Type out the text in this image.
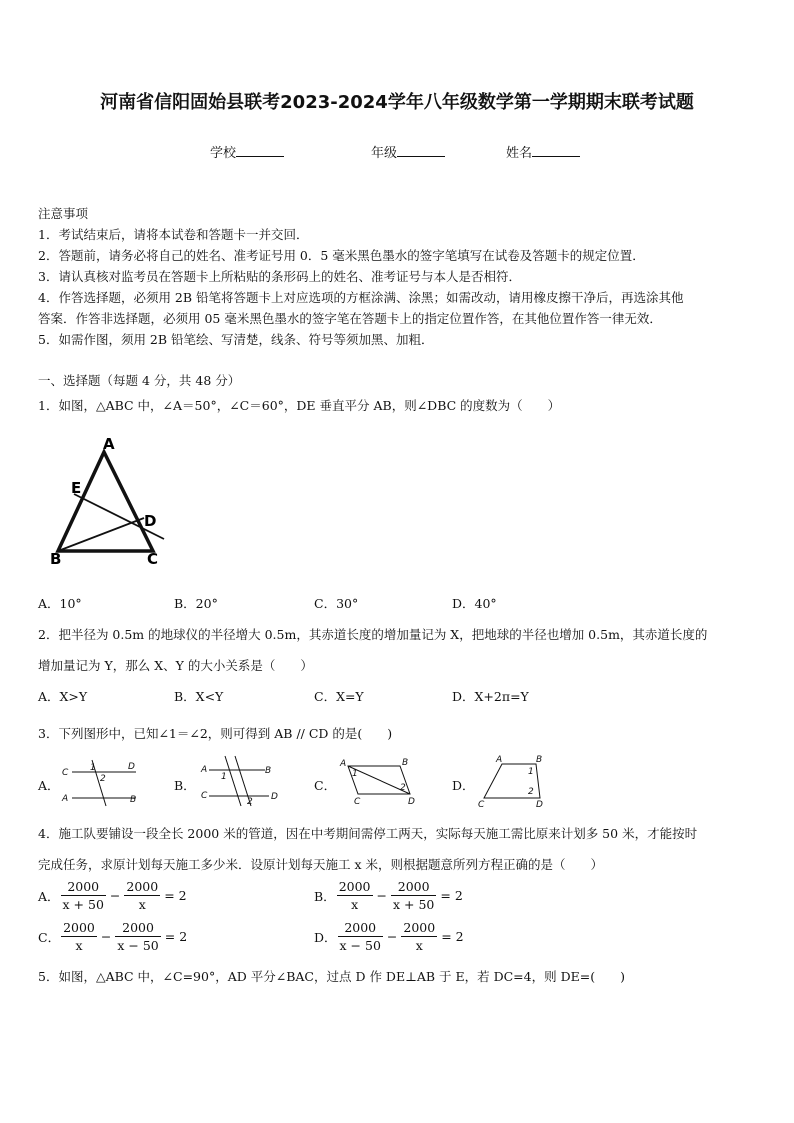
河南省信阳固始县联考2023-2024学年八年级数学第一学期期末联考试题
学校	年级	姓名
注意事项
1．考试结束后，请将本试卷和答题卡一并交回．
2．答题前，请务必将自己的姓名、准考证号用 0．5 毫米黑色墨水的签字笔填写在试卷及答题卡的规定位置．
3．请认真核对监考员在答题卡上所粘贴的条形码上的姓名、准考证号与本人是否相符．
4．作答选择题，必须用 2B 铅笔将答题卡上对应选项的方框涂满、涂黑；如需改动，请用橡皮擦干净后，再选涂其他
答案．作答非选择题，必须用 05 毫米黑色墨水的签字笔在答题卡上的指定位置作答，在其他位置作答一律无效．
5．如需作图，须用 2B 铅笔绘、写清楚，线条、符号等须加黑、加粗．
一、选择题（每题 4 分，共 48 分）
1．如图，△ABC 中，∠A＝50°，∠C＝60°，DE 垂直平分 AB，则∠DBC 的度数为（　　）
A
E
D
B	C
A．10°	B．20°	C．30°	D．40°
2．把半径为 0.5m 的地球仪的半径增大 0.5m，其赤道长度的增加量记为 X，把地球的半径也增加 0.5m，其赤道长度的
增加量记为 Y，那么 X、Y 的大小关系是（　　）
A．X>Y	B．X<Y	C．X=Y	D．X+2π=Y
3．下列图形中，已知∠1＝∠2，则可得到 AB // CD 的是(　　)
A．
C
D
A	B
1
2	B．
A	B
C	D
1
2
C．
A	B
C	D
1
2	D．
A	B
C	D
1
2
4．施工队要铺设一段全长 2000 米的管道，因在中考期间需停工两天，实际每天施工需比原来计划多 50 米，才能按时
完成任务，求原计划每天施工多少米．设原计划每天施工 x 米，则根据题意所列方程正确的是（　　）
A． $\frac{2000}{x + 50} - \frac{2000}{x} = 2$	B． $\frac{2000}{x} - \frac{2000}{x + 50} = 2$
C． $\frac{2000}{x} - \frac{2000}{x - 50} = 2$	D． $\frac{2000}{x - 50} - \frac{2000}{x} = 2$
5．如图，△ABC 中，∠C=90°，AD 平分∠BAC，过点 D 作 DE⊥AB 于 E，若 DC=4，则 DE=(　　)
